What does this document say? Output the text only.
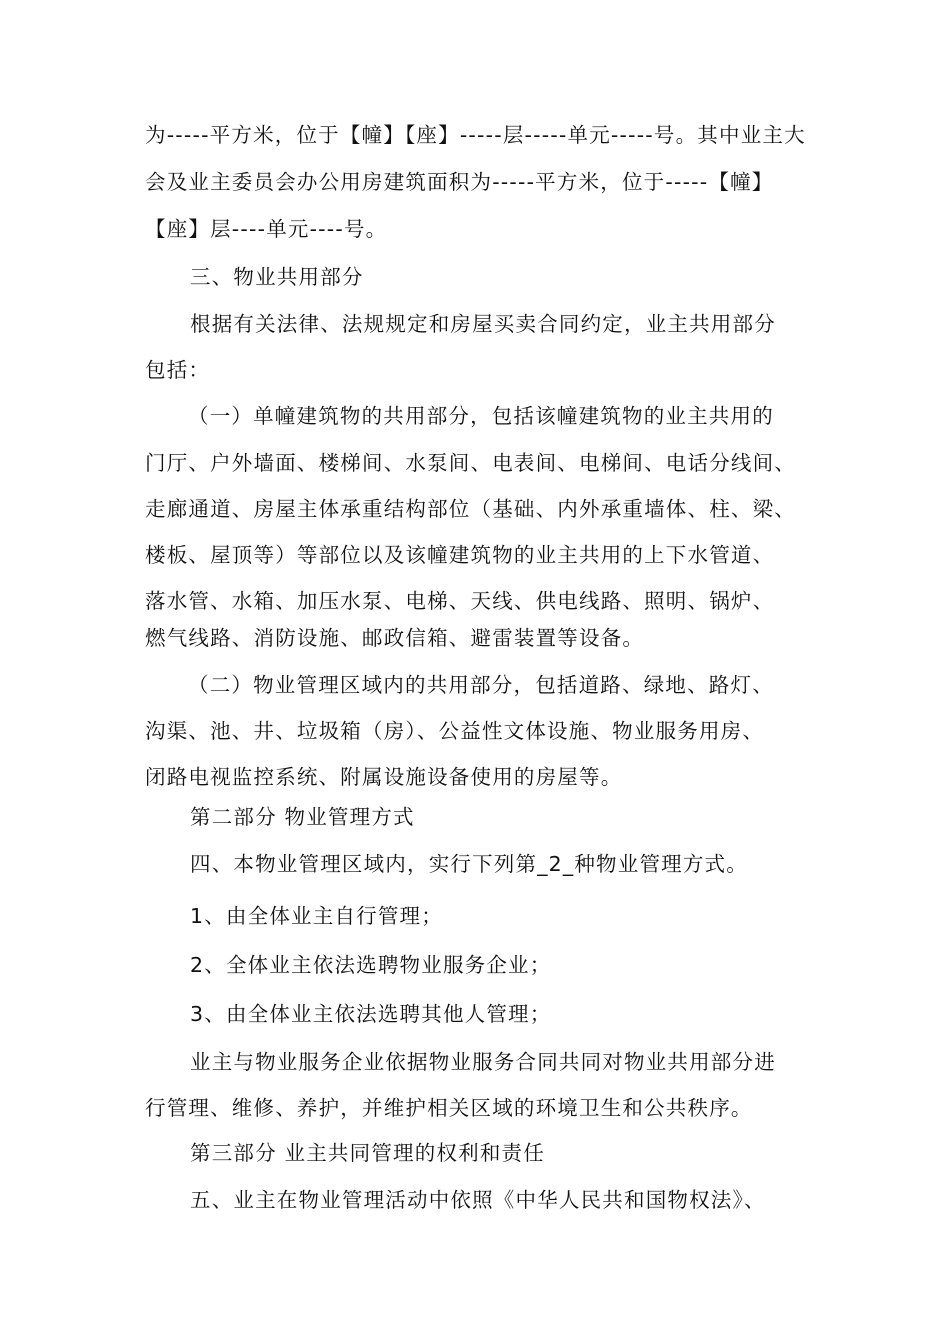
为-----平方米，位于【幢】【座】-----层-----单元-----号。其中业主大
会及业主委员会办公用房建筑面积为-----平方米，位于-----【幢】
【座】层----单元----号。
三、物业共用部分
根据有关法律、法规规定和房屋买卖合同约定，业主共用部分
包括：
（一）单幢建筑物的共用部分，包括该幢建筑物的业主共用的
门厅、户外墙面、楼梯间、水泵间、电表间、电梯间、电话分线间、
走廊通道、房屋主体承重结构部位（基础、内外承重墙体、柱、梁、
楼板、屋顶等）等部位以及该幢建筑物的业主共用的上下水管道、
落水管、水箱、加压水泵、电梯、天线、供电线路、照明、锅炉、
燃气线路、消防设施、邮政信箱、避雷装置等设备。
（二）物业管理区域内的共用部分，包括道路、绿地、路灯、
沟渠、池、井、垃圾箱（房）、公益性文体设施、物业服务用房、
闭路电视监控系统、附属设施设备使用的房屋等。
第二部分 物业管理方式
四、本物业管理区域内，实行下列第_2_种物业管理方式。
1、由全体业主自行管理；
2、全体业主依法选聘物业服务企业；
3、由全体业主依法选聘其他人管理；
业主与物业服务企业依据物业服务合同共同对物业共用部分进
行管理、维修、养护，并维护相关区域的环境卫生和公共秩序。
第三部分 业主共同管理的权利和责任
五、业主在物业管理活动中依照《中华人民共和国物权法》、
